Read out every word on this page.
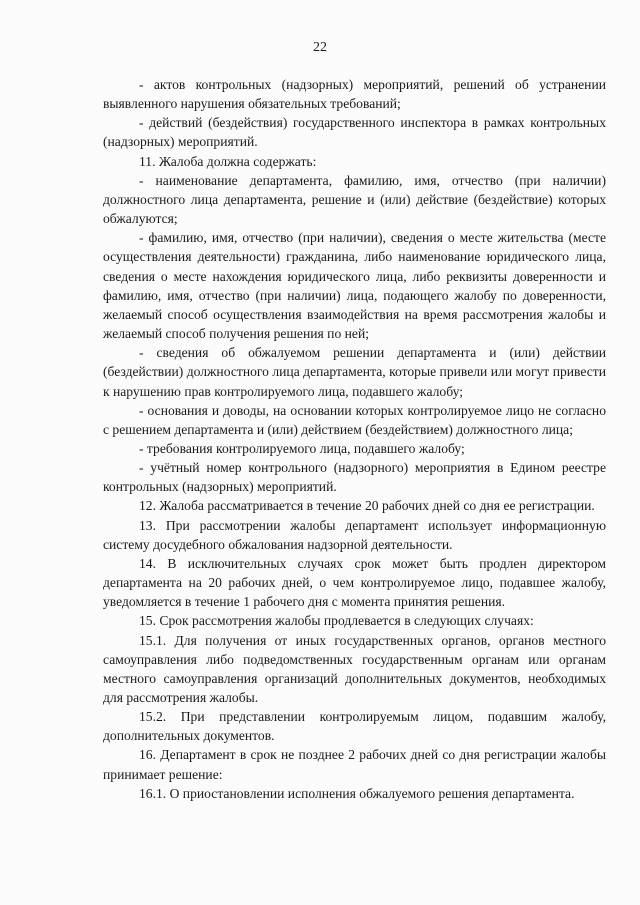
22

- актов контрольных (надзорных) мероприятий, решений об устранении выявленного нарушения обязательных требований;

- действий (бездействия) государственного инспектора в рамках контрольных (надзорных) мероприятий.

11. Жалоба должна содержать:

- наименование департамента, фамилию, имя, отчество (при наличии) должностного лица департамента, решение и (или) действие (бездействие) которых обжалуются;

- фамилию, имя, отчество (при наличии), сведения о месте жительства (месте осуществления деятельности) гражданина, либо наименование юридического лица, сведения о месте нахождения юридического лица, либо реквизиты доверенности и фамилию, имя, отчество (при наличии) лица, подающего жалобу по доверенности, желаемый способ осуществления взаимодействия на время рассмотрения жалобы и желаемый способ получения решения по ней;

- сведения об обжалуемом решении департамента и (или) действии (бездействии) должностного лица департамента, которые привели или могут привести к нарушению прав контролируемого лица, подавшего жалобу;

- основания и доводы, на основании которых контролируемое лицо не согласно с решением департамента и (или) действием (бездействием) должностного лица;

- требования контролируемого лица, подавшего жалобу;

- учётный номер контрольного (надзорного) мероприятия в Едином реестре контрольных (надзорных) мероприятий.

12. Жалоба рассматривается в течение 20 рабочих дней со дня ее регистрации.

13. При рассмотрении жалобы департамент использует информационную систему досудебного обжалования надзорной деятельности.

14. В исключительных случаях срок может быть продлен директором департамента на 20 рабочих дней, о чем контролируемое лицо, подавшее жалобу, уведомляется в течение 1 рабочего дня с момента принятия решения.

15. Срок рассмотрения жалобы продлевается в следующих случаях:

15.1. Для получения от иных государственных органов, органов местного самоуправления либо подведомственных государственным органам или органам местного самоуправления организаций дополнительных документов, необходимых для рассмотрения жалобы.

15.2. При представлении контролируемым лицом, подавшим жалобу, дополнительных документов.

16. Департамент в срок не позднее 2 рабочих дней со дня регистрации жалобы принимает решение:

16.1. О приостановлении исполнения обжалуемого решения департамента.
